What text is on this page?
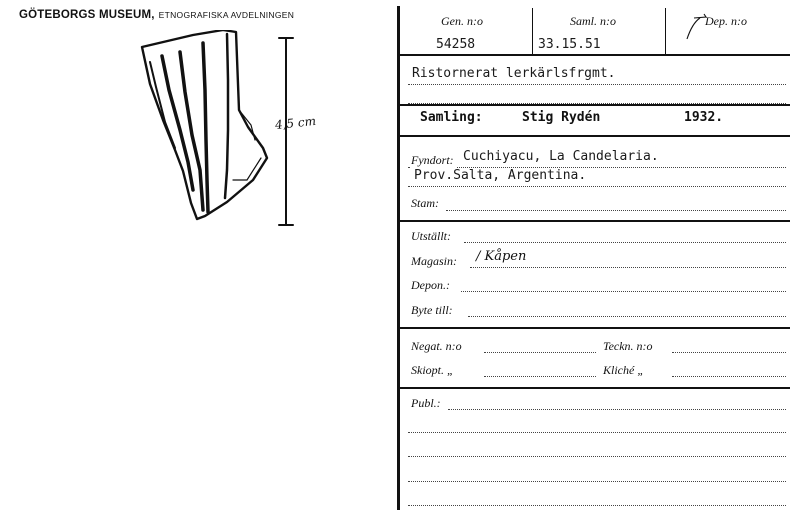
GÖTEBORGS MUSEUM, ETNOGRAFISKA AVDELNINGEN
4,5 cm
Gen. n:o
54258
Saml. n:o
33.15.51
Dep. n:o
Ristornerat lerkärlsfrgmt.
Samling:	Stig Rydén	1932.
Fyndort: Cuchiyacu, La Candelaria.
Prov.Salta, Argentina.
Stam:
Utställt:
Magasin: / Kåpen
Depon.:
Byte till:
Negat. n:o	Teckn. n:o
Skiopt. „	Kliché „
Publ.:
